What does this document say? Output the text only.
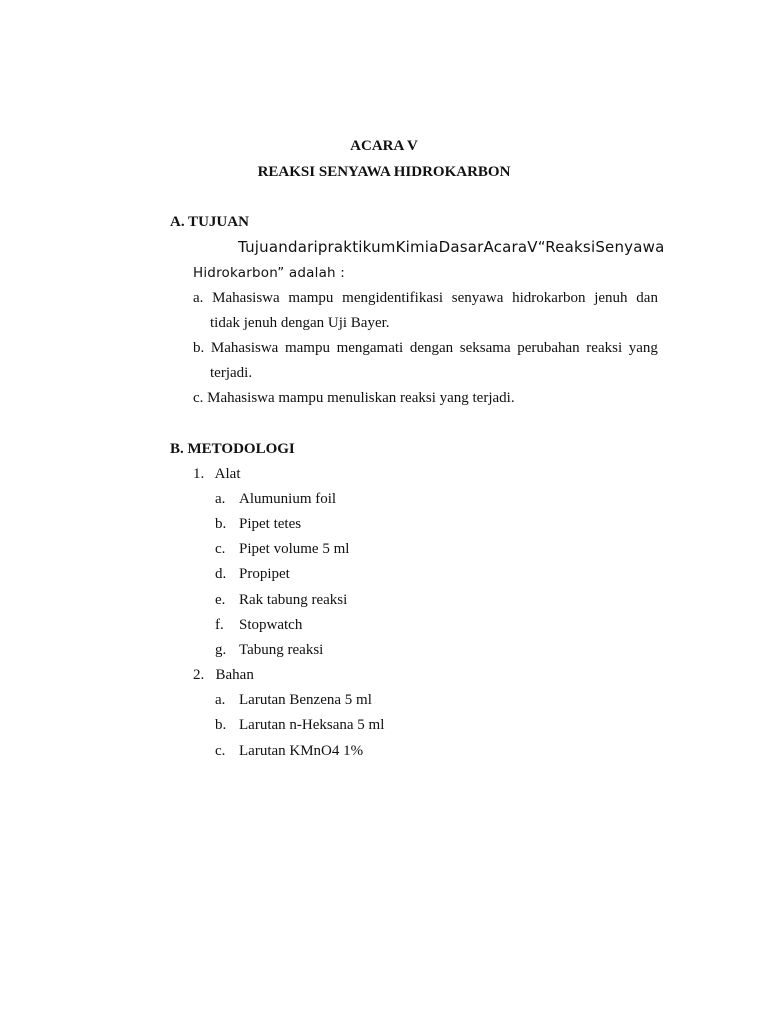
ACARA V
REAKSI SENYAWA HIDROKARBON
A. TUJUAN
Tujuan dari praktikum Kimia Dasar Acara V “Reaksi Senyawa
Hidrokarbon” adalah :
a. Mahasiswa mampu mengidentifikasi senyawa hidrokarbon jenuh dan
tidak jenuh dengan Uji Bayer.
b. Mahasiswa mampu mengamati dengan seksama perubahan reaksi yang
terjadi.
c. Mahasiswa mampu menuliskan reaksi yang terjadi.
B. METODOLOGI
1.   Alat
a. Alumunium foil
b. Pipet tetes
c. Pipet volume 5 ml
d. Propipet
e. Rak tabung reaksi
f. Stopwatch
g. Tabung reaksi
2.   Bahan
a. Larutan Benzena 5 ml
b. Larutan n-Heksana 5 ml
c. Larutan KMnO4 1%
